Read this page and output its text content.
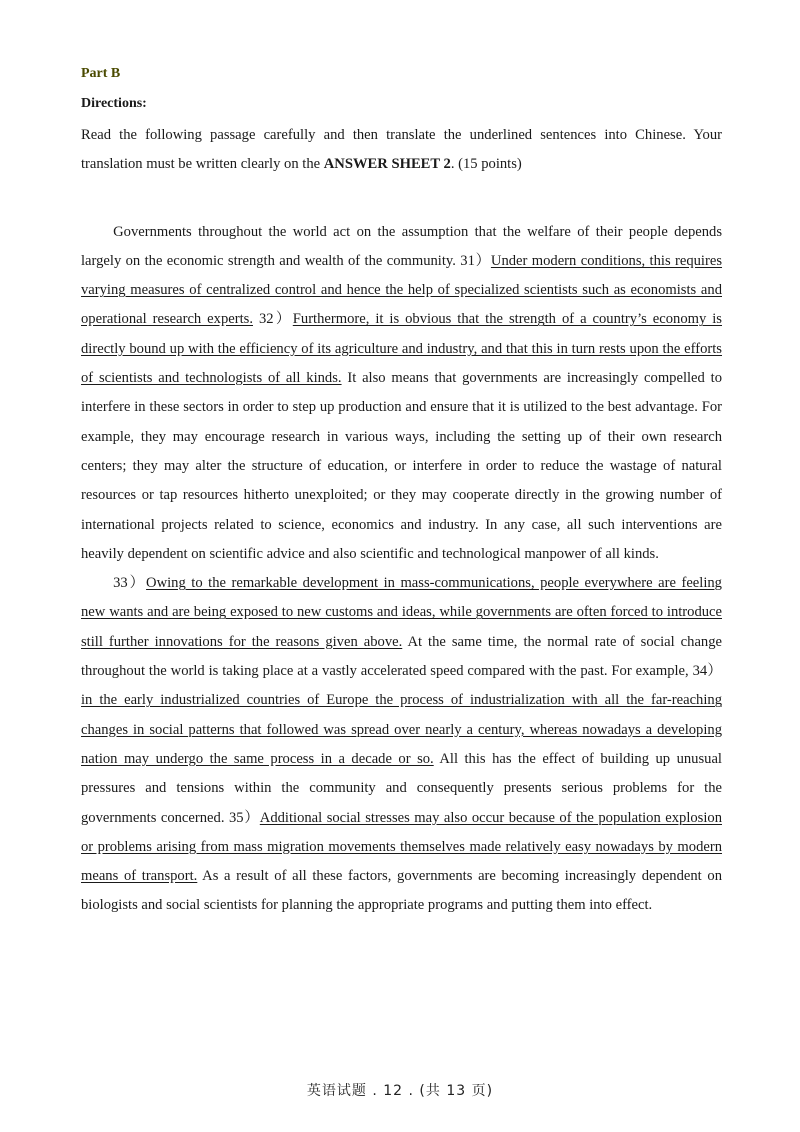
Part B

Directions:

Read the following passage carefully and then translate the underlined sentences into Chinese. Your translation must be written clearly on the ANSWER SHEET 2. (15 points)

Governments throughout the world act on the assumption that the welfare of their people depends largely on the economic strength and wealth of the community. 31）Under modern conditions, this requires varying measures of centralized control and hence the help of specialized scientists such as economists and operational research experts. 32）Furthermore, it is obvious that the strength of a country’s economy is directly bound up with the efficiency of its agriculture and industry, and that this in turn rests upon the efforts of scientists and technologists of all kinds. It also means that governments are increasingly compelled to interfere in these sectors in order to step up production and ensure that it is utilized to the best advantage. For example, they may encourage research in various ways, including the setting up of their own research centers; they may alter the structure of education, or interfere in order to reduce the wastage of natural resources or tap resources hitherto unexploited; or they may cooperate directly in the growing number of international projects related to science, economics and industry. In any case, all such interventions are heavily dependent on scientific advice and also scientific and technological manpower of all kinds.

33）Owing to the remarkable development in mass-communications, people everywhere are feeling new wants and are being exposed to new customs and ideas, while governments are often forced to introduce still further innovations for the reasons given above. At the same time, the normal rate of social change throughout the world is taking place at a vastly accelerated speed compared with the past. For example, 34）in the early industrialized countries of Europe the process of industrialization with all the far-reaching changes in social patterns that followed was spread over nearly a century, whereas nowadays a developing nation may undergo the same process in a decade or so. All this has the effect of building up unusual pressures and tensions within the community and consequently presents serious problems for the governments concerned. 35）Additional social stresses may also occur because of the population explosion or problems arising from mass migration movements themselves made relatively easy nowadays by modern means of transport. As a result of all these factors, governments are becoming increasingly dependent on biologists and social scientists for planning the appropriate programs and putting them into effect.

英语试题 . 12 . (共 13 页)
